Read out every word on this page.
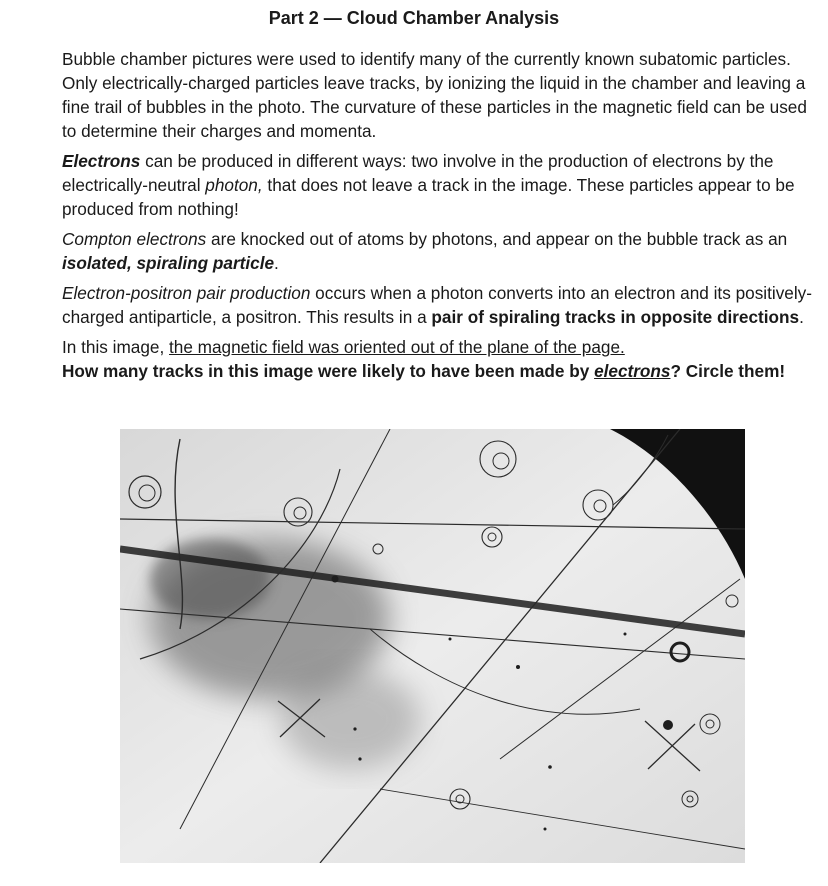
Part 2 — Cloud Chamber Analysis

Bubble chamber pictures were used to identify many of the currently known subatomic particles. Only electrically-charged particles leave tracks, by ionizing the liquid in the chamber and leaving a fine trail of bubbles in the photo. The curvature of these particles in the magnetic field can be used to determine their charges and momenta.

Electrons can be produced in different ways: two involve in the production of electrons by the electrically-neutral photon, that does not leave a track in the image. These particles appear to be produced from nothing!

Compton electrons are knocked out of atoms by photons, and appear on the bubble track as an isolated, spiraling particle.

Electron-positron pair production occurs when a photon converts into an electron and its positively-charged antiparticle, a positron. This results in a pair of spiraling tracks in opposite directions.

In this image, the magnetic field was oriented out of the plane of the page.
How many tracks in this image were likely to have been made by electrons? Circle them!
